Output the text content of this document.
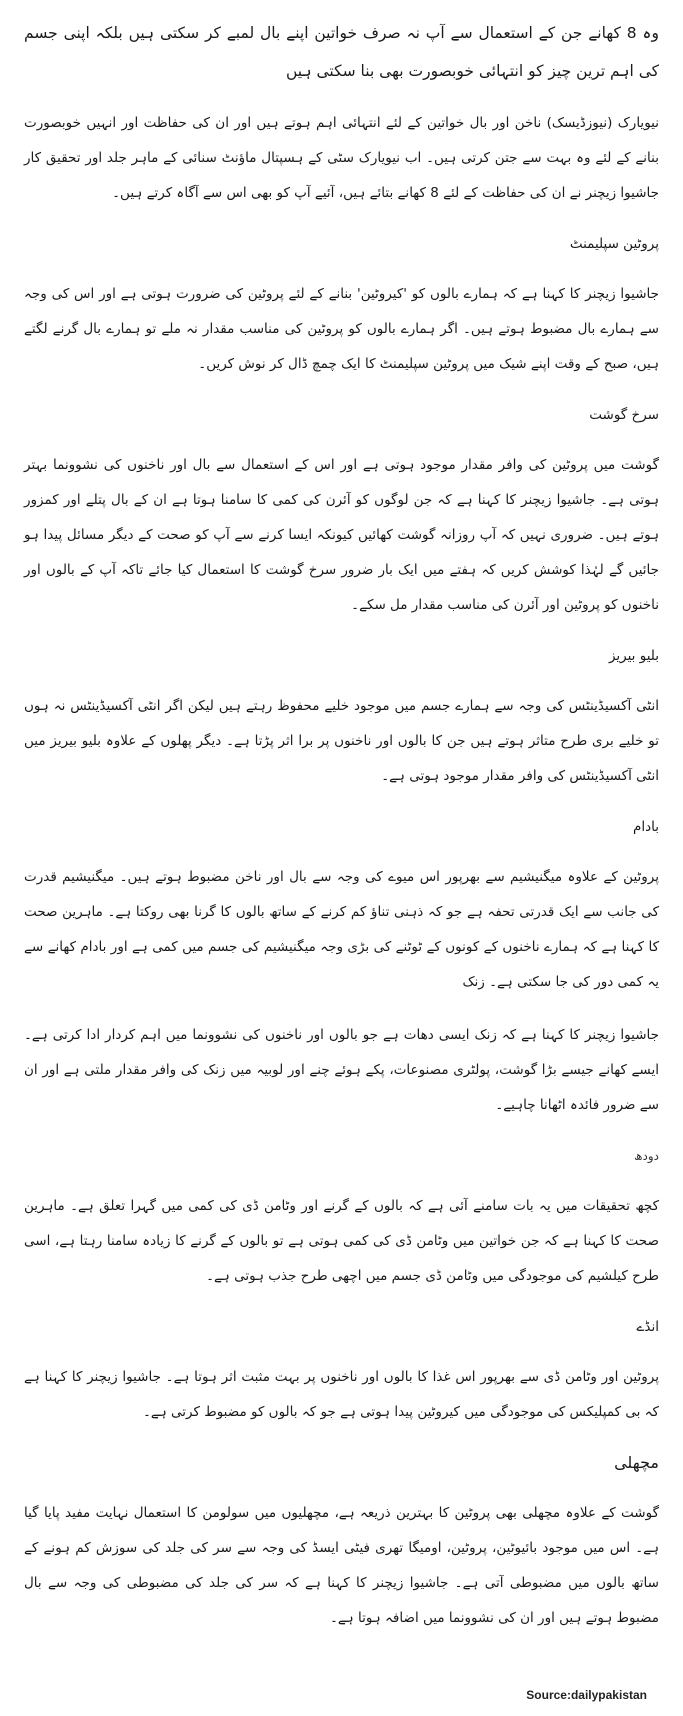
وہ 8 کھانے جن کے استعمال سے آپ نہ صرف خواتین اپنے بال لمبے کر سکتی ہیں بلکہ اپنی جسم کی اہم ترین چیز کو انتہائی خوبصورت بھی بنا سکتی ہیں

نیویارک (نیوزڈیسک) ناخن اور بال خواتین کے لئے انتہائی اہم ہوتے ہیں اور ان کی حفاظت اور انہیں خوبصورت بنانے کے لئے وہ بہت سے جتن کرتی ہیں۔ اب نیویارک سٹی کے ہسپتال ماؤنٹ سنائی کے ماہر جلد اور تحقیق کار جاشیوا زیچنر نے ان کی حفاظت کے لئے 8 کھانے بتائے ہیں، آئیے آپ کو بھی اس سے آگاہ کرتے ہیں۔

پروٹین سپلیمنٹ

جاشیوا زیچنر کا کہنا ہے کہ ہمارے بالوں کو 'کیروٹین' بنانے کے لئے پروٹین کی ضرورت ہوتی ہے اور اس کی وجہ سے ہمارے بال مضبوط ہوتے ہیں۔ اگر ہمارے بالوں کو پروٹین کی مناسب مقدار نہ ملے تو ہمارے بال گرنے لگتے ہیں، صبح کے وقت اپنے شیک میں پروٹین سپلیمنٹ کا ایک چمچ ڈال کر نوش کریں۔

سرخ گوشت

گوشت میں پروٹین کی وافر مقدار موجود ہوتی ہے اور اس کے استعمال سے بال اور ناخنوں کی نشوونما بہتر ہوتی ہے۔ جاشیوا زیچنر کا کہنا ہے کہ جن لوگوں کو آئرن کی کمی کا سامنا ہوتا ہے ان کے بال پتلے اور کمزور ہوتے ہیں۔ ضروری نہیں کہ آپ روزانہ گوشت کھائیں کیونکہ ایسا کرنے سے آپ کو صحت کے دیگر مسائل پیدا ہو جائیں گے لہٰذا کوشش کریں کہ ہفتے میں ایک بار ضرور سرخ گوشت کا استعمال کیا جائے تاکہ آپ کے بالوں اور ناخنوں کو پروٹین اور آئرن کی مناسب مقدار مل سکے۔

بلیو بیریز

انٹی آکسیڈینٹس کی وجہ سے ہمارے جسم میں موجود خلیے محفوظ رہتے ہیں لیکن اگر انٹی آکسیڈینٹس نہ ہوں تو خلیے بری طرح متاثر ہوتے ہیں جن کا بالوں اور ناخنوں پر برا اثر پڑتا ہے۔ دیگر پھلوں کے علاوہ بلیو بیریز میں انٹی آکسیڈینٹس کی وافر مقدار موجود ہوتی ہے۔

بادام

پروٹین کے علاوہ میگنیشیم سے بھرپور اس میوے کی وجہ سے بال اور ناخن مضبوط ہوتے ہیں۔ میگنیشیم قدرت کی جانب سے ایک قدرتی تحفہ ہے جو کہ ذہنی تناؤ کم کرنے کے ساتھ بالوں کا گرنا بھی روکتا ہے۔ ماہرین صحت کا کہنا ہے کہ ہمارے ناخنوں کے کونوں کے ٹوٹنے کی بڑی وجہ میگنیشیم کی جسم میں کمی ہے اور بادام کھانے سے یہ کمی دور کی جا سکتی ہے۔ زنک

جاشیوا زیچنر کا کہنا ہے کہ زنک ایسی دھات ہے جو بالوں اور ناخنوں کی نشوونما میں اہم کردار ادا کرتی ہے۔ ایسے کھانے جیسے بڑا گوشت، پولٹری مصنوعات، پکے ہوئے چنے اور لوبیہ میں زنک کی وافر مقدار ملتی ہے اور ان سے ضرور فائدہ اٹھانا چاہیے۔

دودھ

کچھ تحقیقات میں یہ بات سامنے آئی ہے کہ بالوں کے گرنے اور وٹامن ڈی کی کمی میں گہرا تعلق ہے۔ ماہرین صحت کا کہنا ہے کہ جن خواتین میں وٹامن ڈی کی کمی ہوتی ہے تو بالوں کے گرنے کا زیادہ سامنا رہتا ہے، اسی طرح کیلشیم کی موجودگی میں وٹامن ڈی جسم میں اچھی طرح جذب ہوتی ہے۔

انڈے

پروٹین اور وٹامن ڈی سے بھرپور اس غذا کا بالوں اور ناخنوں پر بہت مثبت اثر ہوتا ہے۔ جاشیوا زیچنر کا کہنا ہے کہ بی کمپلیکس کی موجودگی میں کیروٹین پیدا ہوتی ہے جو کہ بالوں کو مضبوط کرتی ہے۔

مچھلی

گوشت کے علاوہ مچھلی بھی پروٹین کا بہترین ذریعہ ہے، مچھلیوں میں سولومن کا استعمال نہایت مفید پایا گیا ہے۔ اس میں موجود بائیوٹین، پروٹین، اومیگا تھری فیٹی ایسڈ کی وجہ سے سر کی جلد کی سوزش کم ہونے کے ساتھ بالوں میں مضبوطی آتی ہے۔ جاشیوا زیچنر کا کہنا ہے کہ سر کی جلد کی مضبوطی کی وجہ سے بال مضبوط ہوتے ہیں اور ان کی نشوونما میں اضافہ ہوتا ہے۔

Source:dailypakistan
